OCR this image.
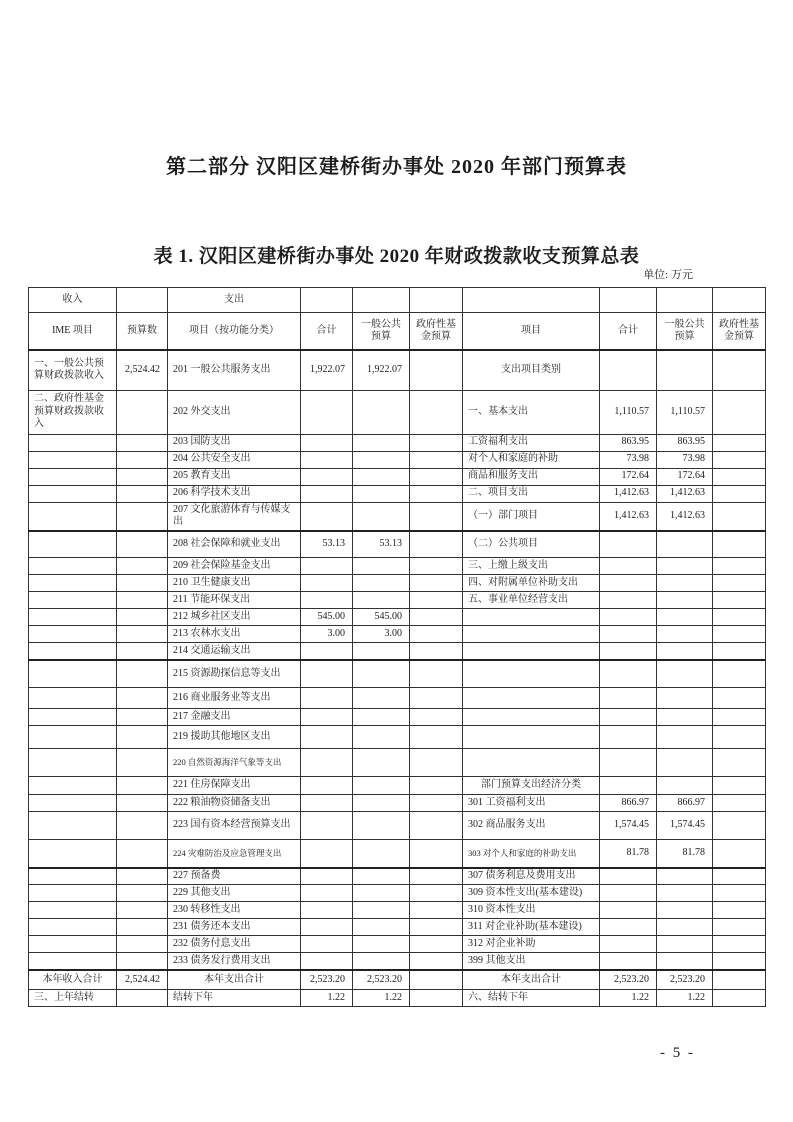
第二部分 汉阳区建桥街办事处 2020 年部门预算表
表 1. 汉阳区建桥街办事处 2020 年财政拨款收支预算总表
单位: 万元
收入		支出							
IME 项目	预算数	项目（按功能分类）	合计	一般公共预算	政府性基金预算	项目	合计	一般公共预算	政府性基金预算
一、一般公共预算财政拨款收入	2,524.42	201 一般公共服务支出	1,922.07	1,922.07		支出项目类别			
二、政府性基金预算财政拨款收入		202 外交支出				一、基本支出	1,110.57	1,110.57	
		203 国防支出				工资福利支出	863.95	863.95	
		204 公共安全支出				对个人和家庭的补助	73.98	73.98	
		205 教育支出				商品和服务支出	172.64	172.64	
		206 科学技术支出				二、项目支出	1,412.63	1,412.63	
		207 文化旅游体育与传媒支出				（一）部门项目	1,412.63	1,412.63	
		208 社会保障和就业支出	53.13	53.13		（二）公共项目			
		209 社会保险基金支出				三、上缴上级支出			
		210 卫生健康支出				四、对附属单位补助支出			
		211 节能环保支出				五、事业单位经营支出			
		212 城乡社区支出	545.00	545.00					
		213 农林水支出	3.00	3.00					
		214 交通运输支出							
		215 资源勘探信息等支出							
		216 商业服务业等支出							
		217 金融支出							
		219 援助其他地区支出							
		220 自然资源海洋气象等支出							
		221 住房保障支出				部门预算支出经济分类			
		222 粮油物资储备支出				301 工资福利支出	866.97	866.97	
		223 国有资本经营预算支出				302 商品服务支出	1,574.45	1,574.45	
		224 灾难防治及应急管理支出				303 对个人和家庭的补助支出	81.78	81.78	
		227 预备费				307 债务利息及费用支出			
		229 其他支出				309 资本性支出(基本建设)			
		230 转移性支出				310 资本性支出			
		231 债务还本支出				311 对企业补助(基本建设)			
		232 债务付息支出				312 对企业补助			
		233 债务发行费用支出				399 其他支出			
本年收入合计	2,524.42	本年支出合计	2,523.20	2,523.20		本年支出合计	2,523.20	2,523.20	
三、上年结转		结转下年	1.22	1.22		六、结转下年	1.22	1.22	
- 5 -
